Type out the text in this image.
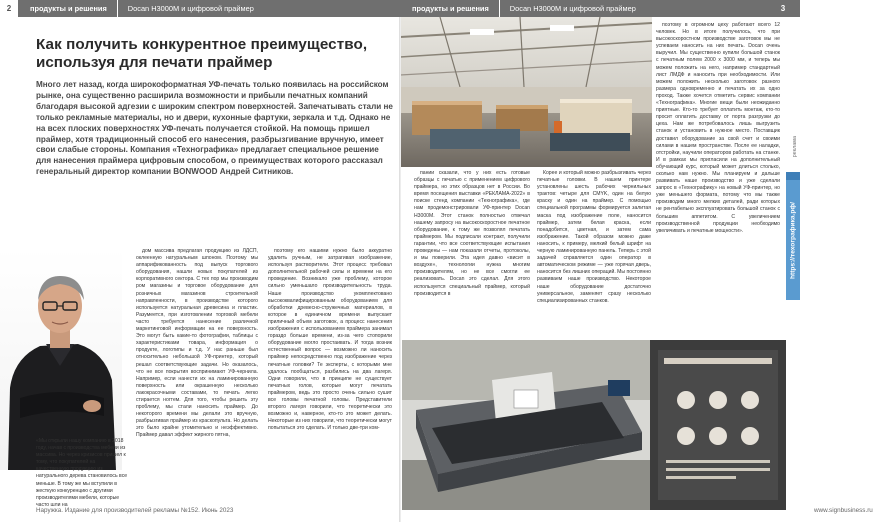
Как получить конкурентное преимущество,
используя для печати праймер
Много лет назад, когда широкоформатная УФ-печать только появилась на российском рынке, она существенно расширила возможности и прибыли печатных компаний благодаря высокой адгезии с широким спектром поверхностей. Запечатывать стали не только рекламные материалы, но и двери, кухонные фартуки, зеркала и т.д. Однако не на всех плоских поверхностях УФ-печать получается стойкой. На помощь пришел праймер, хотя традиционный способ его нанесения, разбрызгивание вручную, имеет свои слабые стороны. Компания «Технографика» предлагает специальное решение для нанесения праймера цифровым способом, о преимуществах которого рассказал генеральный директор компании BONWOOD Андрей Ситников.
«Мы открыли нашу компанию в 2018 году, начав с производства мебели из массива. Но через кризисов пришел к тому, что покупателей на качественную продукцию из натурального дерева становилось все меньше. В тому же мы вступили в жесткую конкуренцию с другими производителями мебели, которые часто шли на

дом массива предлагая продукцию из ЛДСП, оклеенную натуральным шпоном. Поэтому мы аппарификованность под выпуск торгового оборудования, нашли новых покупателей из корпоративного сектора. С тех пор мы производим ром магазины и торговое оборудование для розничных магазинов строительной направленности, в производстве которого используется натуральная древесина и пластик. Разумеется, при изготовлении торговой мебели часто требуется нанесение различной маркетинговой информации на ее поверхность. Это могут быть какие-то фотографии, таблицы с характеристиками товара, информация о продукте, логотипы и т.д. У нас раньше был относительно небольшой УФ-принтер, который решал соответствующие задачи. Но оказалось, что не все покрытия воспринимают УФ-чернила. Например, если нанести их на ламинированную поверхность или окрашенную несколько лакокрасочными составами, то печать легко стирается ногтем. Для того, чтобы решить эту проблему, мы стали наносить праймер. До некоторого времени мы делали это вручную, разбрызгивая праймер из краскопульта. Но делать это было крайне утомительно и неэффективно. Праймер давал эффект жирного пятна,

поэтому его нашими нужно было аккуратно удалить ручным, не затрагивая изображение, используя растворители. Этот процесс требовал дополнительной рабочей силы и времени на его проведение. Возникало уже проблему, которое сильно уменьшало производительность труда. Наше производство укомплектовано высококвалифицированным оборудованием для обработки древесно-стружечных материалов, в которое в единичном времени выпускает приличный объем заготовок, а процесс нанесения изображения с использованием праймера занимал гораздо больше времени, из-за чего стопорили оборудование могло простаивать. И тогда возник естественный вопрос — возможно ли наносить праймер непосредственно под изображение через печатные головки? Те эксперты, с которыми мне удалось пообщаться, разбились на два лагеря. Одни говорили, что в принципе не существует печатных голов, которые могут печатать праймером, ведь это просто очень сильно сушит все головы печатной головы. Представители второго лагеря говорили, что теоретически это возможно и, наверное, кто-то это может делать. Некоторые из них говорили, что теоретически могут попытаться это сделать. И только две-три ком-

Наружка. Издание для производителей рекламы №152. Июнь 2023

пании сказали, что у них есть готовые образцы с печатью с применением цифрового праймера, но этих образцов нет в России. Во время посещения выставки «РЕКЛАМА-2022» в поиске стенд компании «Технографика», где нам продемонстрировали УФ-принтер Docan H3000M. Этот станок полностью отвечал нашему запросу на высокоскоростное печатное оборудование, к тому же позволял печатать праймером. Мы подписали контракт, получили гарантии, что все соответствующие испытания проведены — нам показали отчеты, протоколы, и мы поверили. Эта идея давно «висит в воздухе», технологии нужна многим производителям, но не все смогли ее реализовать. Docan это сделал. Для этого используется специальный праймер, который производится в

Корее и который можно разбрызгивать через печатные головки. В нашем принтере установлены шесть рабочих чернильных трактов: четыре для CMYK, один на белую краску и один на праймер. С помощью специальной программы формируется залитая маска под изображение поле, наносится праймер, затем белая краска, если понадобится, цветная, и затем сама изображение. Такой образом можно даже наносить, к примеру, мелкий белый шрифт на черную ламинированную панель. Теперь с этой задачей справляется один оператор в автоматическом режиме — уже горячая дверь, наносится без лишних операций. Мы постоянно развиваем наше производство. Некоторое наше оборудование достаточно универсальное, заменяет сразу несколько специализированных станков.

поэтому в огромном цеху работают всего 12 человек. Но в итоге получилось, что при высокоскоростном производстве заготовок мы не успеваем наносить на них печать. Docan очень выручил. Мы существенно купили большой станок с печатным полем 2000 x 3000 мм, и теперь мы можем положить на него, например стандартный лист ЛМДФ и наносить при необходимости. Или можем положить несколько заготовок разного размера одновременно и печатать их за одно проход. Также хочется отметить сервис компании «Технографика». Многие вещи были неожиданно приятные. Кто-то требует оплатить монтаж, кто-то просит оплатить доставку от порта разгрузки до цеха. Нам же потребовалось лишь выгрузить станок и установить в нужное место. Поставщик доставил оборудование за свой счет и своими силами в нашем пространстве. После ее наладки, отстройки, научили операторов работать на станке. И в рамках мы пригласили на дополнительный обучающий курс, который может длиться столько, сколько нам нужно. Мы планируем и дальше развивать наше производство и уже сделали запрос в «Технографику» на новый УФ-принтер, но уже меньшего формата, потому что мы также производим много мелких деталей, ради которых не рентабельно эксплуатировать большой станок с большим аппетитом. С увеличением производственной продукции необходимо увеличивать и печатные мощности».

реклама
https://техографика.рф/
www.signbusiness.ru
2	продукты и решения	Docan H3000M и цифровой праймер	продукты и решения	Docan H3000M и цифровой праймер	3
